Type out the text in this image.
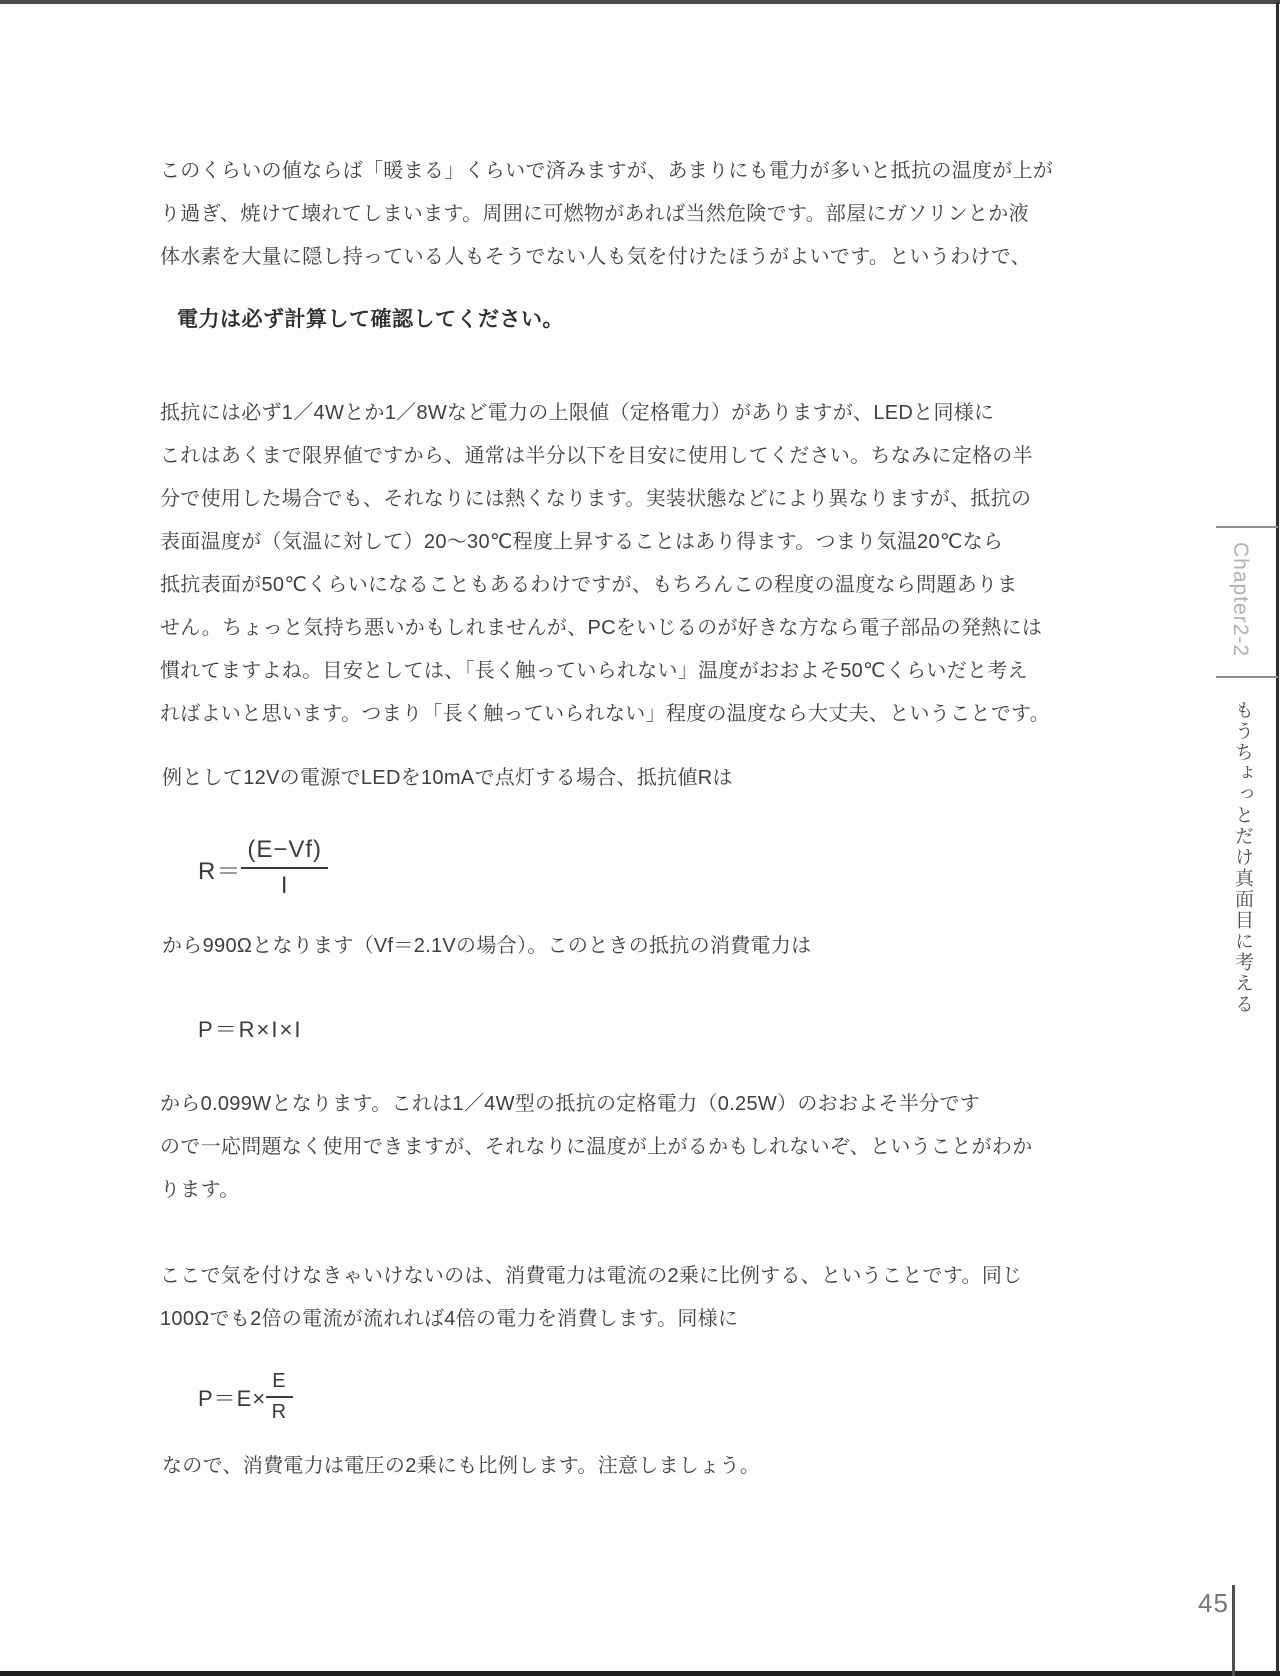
このくらいの値ならば「暖まる」くらいで済みますが、あまりにも電力が多いと抵抗の温度が上が
り過ぎ、焼けて壊れてしまいます。周囲に可燃物があれば当然危険です。部屋にガソリンとか液
体水素を大量に隠し持っている人もそうでない人も気を付けたほうがよいです。というわけで、
電力は必ず計算して確認してください。
抵抗には必ず1／4Wとか1／8Wなど電力の上限値（定格電力）がありますが、LEDと同様に
これはあくまで限界値ですから、通常は半分以下を目安に使用してください。ちなみに定格の半
分で使用した場合でも、それなりには熱くなります。実装状態などにより異なりますが、抵抗の
表面温度が（気温に対して）20～30℃程度上昇することはあり得ます。つまり気温20℃なら
抵抗表面が50℃くらいになることもあるわけですが、もちろんこの程度の温度なら問題ありま
せん。ちょっと気持ち悪いかもしれませんが、PCをいじるのが好きな方なら電子部品の発熱には
慣れてますよね。目安としては、「長く触っていられない」温度がおおよそ50℃くらいだと考え
ればよいと思います。つまり「長く触っていられない」程度の温度なら大丈夫、ということです。
例として12Vの電源でLEDを10mAで点灯する場合、抵抗値Rは
$R= \frac{(E-Vf)}{I}$
から990Ωとなります（Vf＝2.1Vの場合）。このときの抵抗の消費電力は
P＝R×I×I
から0.099Wとなります。これは1／4W型の抵抗の定格電力（0.25W）のおおよそ半分です
ので一応問題なく使用できますが、それなりに温度が上がるかもしれないぞ、ということがわか
ります。
ここで気を付けなきゃいけないのは、消費電力は電流の2乗に比例する、ということです。同じ
100Ωでも2倍の電流が流れれば4倍の電力を消費します。同様に
$P=E\times \frac{E}{R}$
なので、消費電力は電圧の2乗にも比例します。注意しましょう。
Chapter2-2
もうちょっとだけ真面目に考える
45
